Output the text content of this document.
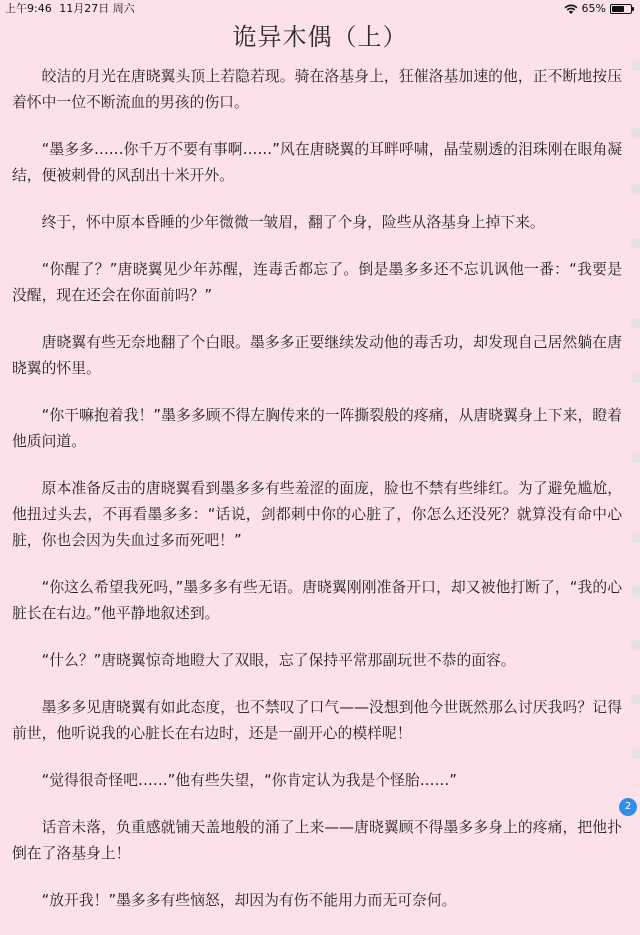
上午9:46 11月27日 周六	65%
诡异木偶（上）

皎洁的月光在唐晓翼头顶上若隐若现。骑在洛基身上，狂催洛基加速的他，正不断地按压着怀中一位不断流血的男孩的伤口。

“墨多多……你千万不要有事啊……”风在唐晓翼的耳畔呼啸，晶莹剔透的泪珠刚在眼角凝结，便被刺骨的风刮出十米开外。

终于，怀中原本昏睡的少年微微一皱眉，翻了个身，险些从洛基身上掉下来。

“你醒了？”唐晓翼见少年苏醒，连毒舌都忘了。倒是墨多多还不忘讥讽他一番：“我要是没醒，现在还会在你面前吗？”

唐晓翼有些无奈地翻了个白眼。墨多多正要继续发动他的毒舌功，却发现自己居然躺在唐晓翼的怀里。

“你干嘛抱着我！”墨多多顾不得左胸传来的一阵撕裂般的疼痛，从唐晓翼身上下来，瞪着他质问道。

原本准备反击的唐晓翼看到墨多多有些羞涩的面庞，脸也不禁有些绯红。为了避免尴尬，他扭过头去，不再看墨多多：“话说，剑都刺中你的心脏了，你怎么还没死？就算没有命中心脏，你也会因为失血过多而死吧！”

“你这么希望我死吗，”墨多多有些无语。唐晓翼刚刚准备开口，却又被他打断了，“我的心脏长在右边。”他平静地叙述到。

“什么？”唐晓翼惊奇地瞪大了双眼，忘了保持平常那副玩世不恭的面容。

墨多多见唐晓翼有如此态度，也不禁叹了口气——没想到他今世既然那么讨厌我吗？记得前世，他听说我的心脏长在右边时，还是一副开心的模样呢！

“觉得很奇怪吧……”他有些失望，“你肯定认为我是个怪胎……”

话音未落，负重感就铺天盖地般的涌了上来——唐晓翼顾不得墨多多身上的疼痛，把他扑倒在了洛基身上！

“放开我！”墨多多有些恼怒，却因为有伤不能用力而无可奈何。

2
